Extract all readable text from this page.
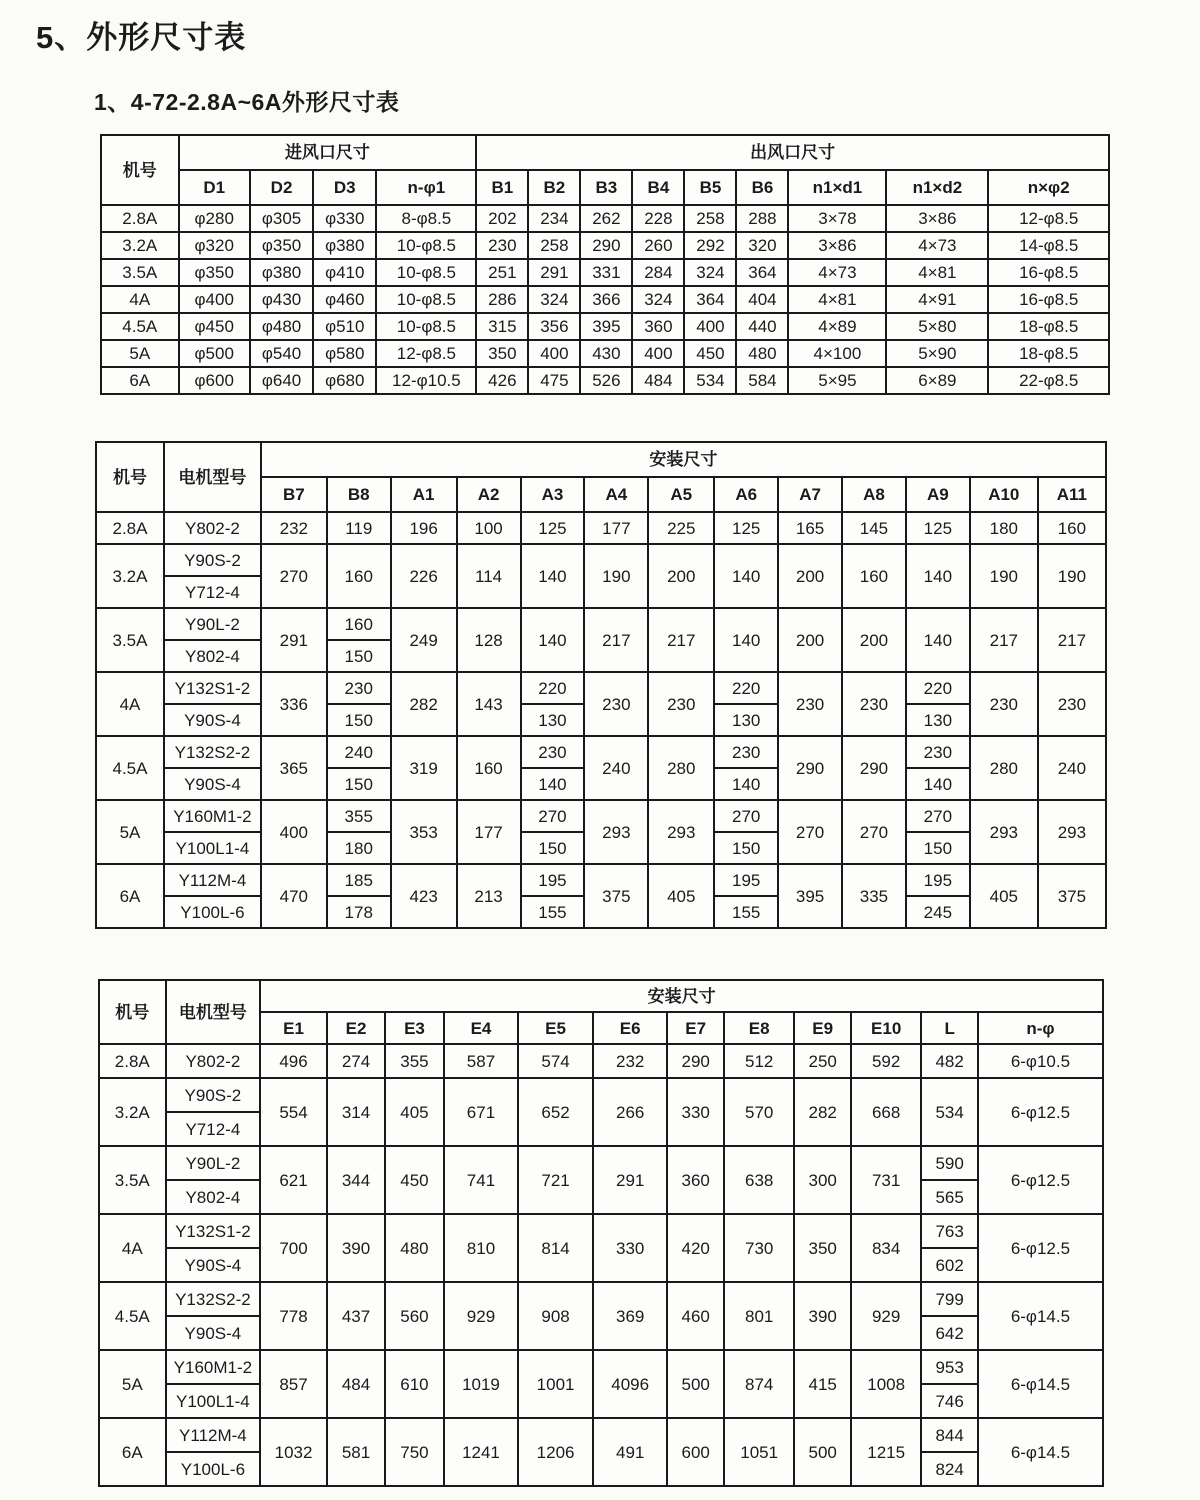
5、外形尺寸表
1、4-72-2.8A~6A外形尺寸表
机号	进风口尺寸				出风口尺寸								
	D1	D2	D3	n-φ1	B1	B2	B3	B4	B5	B6	n1×d1	n1×d2	n×φ2
2.8A	φ280	φ305	φ330	8-φ8.5	202	234	262	228	258	288	3×78	3×86	12-φ8.5
3.2A	φ320	φ350	φ380	10-φ8.5	230	258	290	260	292	320	3×86	4×73	14-φ8.5
3.5A	φ350	φ380	φ410	10-φ8.5	251	291	331	284	324	364	4×73	4×81	16-φ8.5
4A	φ400	φ430	φ460	10-φ8.5	286	324	366	324	364	404	4×81	4×91	16-φ8.5
4.5A	φ450	φ480	φ510	10-φ8.5	315	356	395	360	400	440	4×89	5×80	18-φ8.5
5A	φ500	φ540	φ580	12-φ8.5	350	400	430	400	450	480	4×100	5×90	18-φ8.5
6A	φ600	φ640	φ680	12-φ10.5	426	475	526	484	534	584	5×95	6×89	22-φ8.5
机号	电机型号	安装尺寸												
		B7	B8	A1	A2	A3	A4	A5	A6	A7	A8	A9	A10	A11
2.8A	Y802-2	232	119	196	100	125	177	225	125	165	145	125	180	160
3.2A	Y90S-2	270	160	226	114	140	190	200	140	200	160	140	190	190
	Y712-4													
3.5A	Y90L-2	291	160	249	128	140	217	217	140	200	200	140	217	217
	Y802-4		150											
4A	Y132S1-2	336	230	282	143	220	230	230	220	230	230	220	230	230
	Y90S-4		150			130			130			130		
4.5A	Y132S2-2	365	240	319	160	230	240	280	230	290	290	230	280	240
	Y90S-4		150			140			140			140		
5A	Y160M1-2	400	355	353	177	270	293	293	270	270	270	270	293	293
	Y100L1-4		180			150			150			150		
6A	Y112M-4	470	185	423	213	195	375	405	195	395	335	195	405	375
	Y100L-6		178			155			155			245		
机号	电机型号	安装尺寸											
		E1	E2	E3	E4	E5	E6	E7	E8	E9	E10	L	n-φ
2.8A	Y802-2	496	274	355	587	574	232	290	512	250	592	482	6-φ10.5
3.2A	Y90S-2	554	314	405	671	652	266	330	570	282	668	534	6-φ12.5
	Y712-4												
3.5A	Y90L-2	621	344	450	741	721	291	360	638	300	731	590	6-φ12.5
	Y802-4											565	
4A	Y132S1-2	700	390	480	810	814	330	420	730	350	834	763	6-φ12.5
	Y90S-4											602	
4.5A	Y132S2-2	778	437	560	929	908	369	460	801	390	929	799	6-φ14.5
	Y90S-4											642	
5A	Y160M1-2	857	484	610	1019	1001	4096	500	874	415	1008	953	6-φ14.5
	Y100L1-4											746	
6A	Y112M-4	1032	581	750	1241	1206	491	600	1051	500	1215	844	6-φ14.5
	Y100L-6											824	
